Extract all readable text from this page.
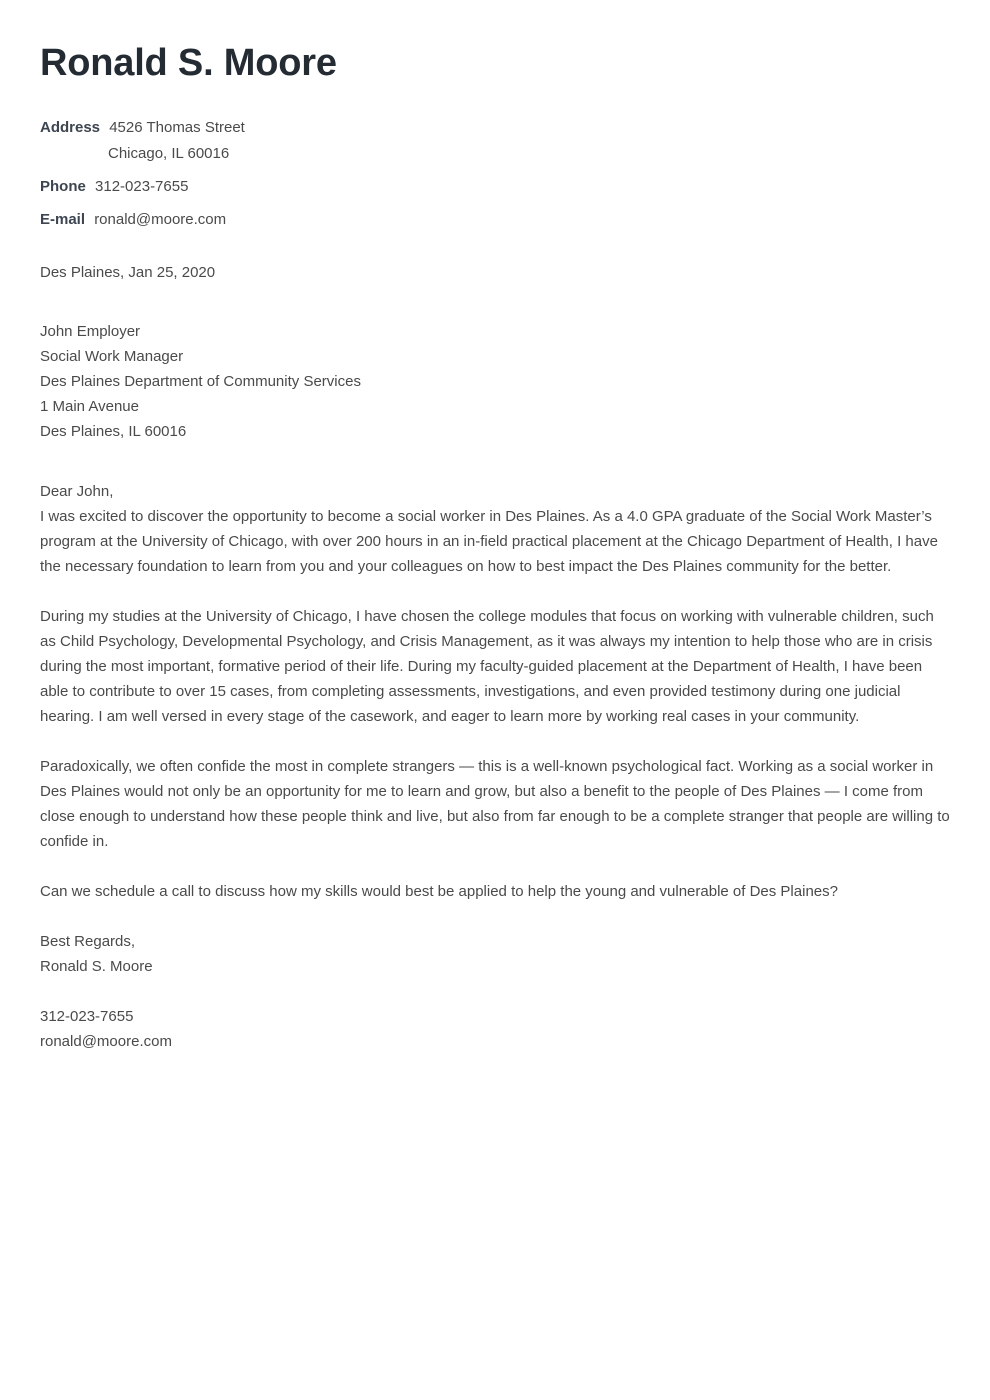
Ronald S. Moore
Address 4526 Thomas Street
Chicago, IL 60016
Phone 312-023-7655
E-mail ronald@moore.com
Des Plaines, Jan 25, 2020
John Employer
Social Work Manager
Des Plaines Department of Community Services
1 Main Avenue
Des Plaines, IL 60016

Dear John,

I was excited to discover the opportunity to become a social worker in Des Plaines. As a 4.0 GPA graduate of the Social Work Master’s program at the University of Chicago, with over 200 hours in an in-field practical placement at the Chicago Department of Health, I have the necessary foundation to learn from you and your colleagues on how to best impact the Des Plaines community for the better.

During my studies at the University of Chicago, I have chosen the college modules that focus on working with vulnerable children, such as Child Psychology, Developmental Psychology, and Crisis Management, as it was always my intention to help those who are in crisis during the most important, formative period of their life. During my faculty-guided placement at the Department of Health, I have been able to contribute to over 15 cases, from completing assessments, investigations, and even provided testimony during one judicial hearing. I am well versed in every stage of the casework, and eager to learn more by working real cases in your community.

Paradoxically, we often confide the most in complete strangers — this is a well-known psychological fact. Working as a social worker in Des Plaines would not only be an opportunity for me to learn and grow, but also a benefit to the people of Des Plaines — I come from close enough to understand how these people think and live, but also from far enough to be a complete stranger that people are willing to confide in.

Can we schedule a call to discuss how my skills would best be applied to help the young and vulnerable of Des Plaines?

Best Regards,
Ronald S. Moore
312-023-7655
ronald@moore.com
